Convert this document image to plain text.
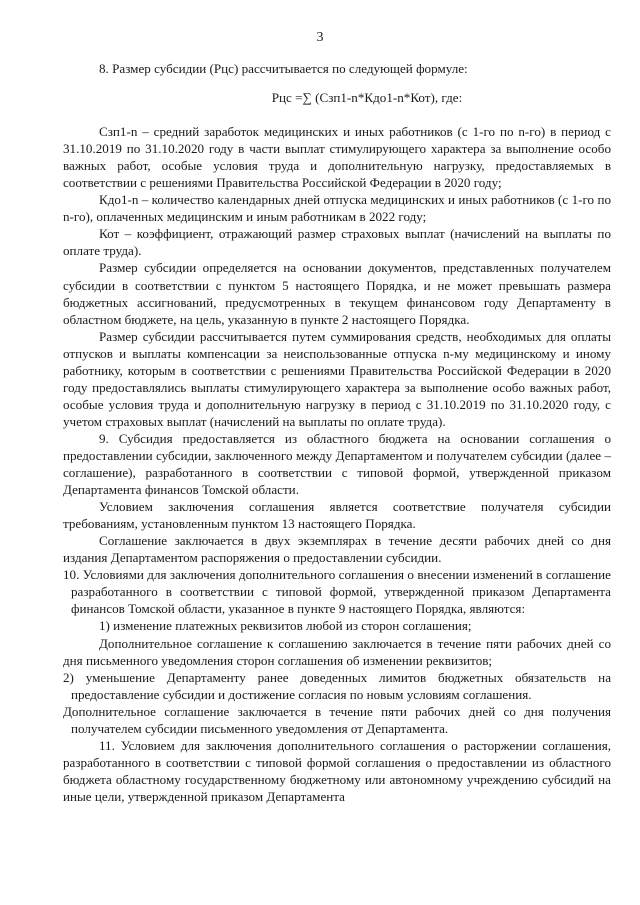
3

8. Размер субсидии (Рцс) рассчитывается по следующей формуле:

Рцс =∑ (Сзп1-n*Кдо1-n*Кот), где:

Сзп1-n – средний заработок медицинских и иных работников (с 1-го по n-го) в период с 31.10.2019 по 31.10.2020 году в части выплат стимулирующего характера за выполнение особо важных работ, особые условия труда и дополнительную нагрузку, предоставляемых в соответствии с решениями Правительства Российской Федерации в 2020 году;

Кдо1-n – количество календарных дней отпуска медицинских и иных работников (с 1-го по n-го), оплаченных медицинским и иным работникам в 2022 году;

Кот – коэффициент, отражающий размер страховых выплат (начислений на выплаты по оплате труда).

Размер субсидии определяется на основании документов, представленных получателем субсидии в соответствии с пунктом 5 настоящего Порядка, и не может превышать размера бюджетных ассигнований, предусмотренных в текущем финансовом году Департаменту в областном бюджете, на цель, указанную в пункте 2 настоящего Порядка.

Размер субсидии рассчитывается путем суммирования средств, необходимых для оплаты отпусков и выплаты компенсации за неиспользованные отпуска n-му медицинскому и иному работнику, которым в соответствии с решениями Правительства Российской Федерации в 2020 году предоставлялись выплаты стимулирующего характера за выполнение особо важных работ, особые условия труда и дополнительную нагрузку в период с 31.10.2019 по 31.10.2020 году, с учетом страховых выплат (начислений на выплаты по оплате труда).

9. Субсидия предоставляется из областного бюджета на основании соглашения о предоставлении субсидии, заключенного между Департаментом и получателем субсидии (далее – соглашение), разработанного в соответствии с типовой формой, утвержденной приказом Департамента финансов Томской области.

Условием заключения соглашения является соответствие получателя субсидии требованиям, установленным пунктом 13 настоящего Порядка.

Соглашение заключается в двух экземплярах в течение десяти рабочих дней со дня издания Департаментом распоряжения о предоставлении субсидии.

10. Условиями для заключения дополнительного соглашения о внесении изменений в соглашение разработанного в соответствии с типовой формой, утвержденной приказом Департамента финансов Томской области, указанное в пункте 9 настоящего Порядка, являются:

1) изменение платежных реквизитов любой из сторон соглашения;

Дополнительное соглашение к соглашению заключается в течение пяти рабочих дней со дня письменного уведомления сторон соглашения об изменении реквизитов;

2) уменьшение Департаменту ранее доведенных лимитов бюджетных обязательств на предоставление субсидии и достижение согласия по новым условиям соглашения.

Дополнительное соглашение заключается в течение пяти рабочих дней со дня получения получателем субсидии письменного уведомления от Департамента.

11. Условием для заключения дополнительного соглашения о расторжении соглашения, разработанного в соответствии с типовой формой соглашения о предоставлении из областного бюджета областному государственному бюджетному или автономному учреждению субсидий на иные цели, утвержденной приказом Департамента
